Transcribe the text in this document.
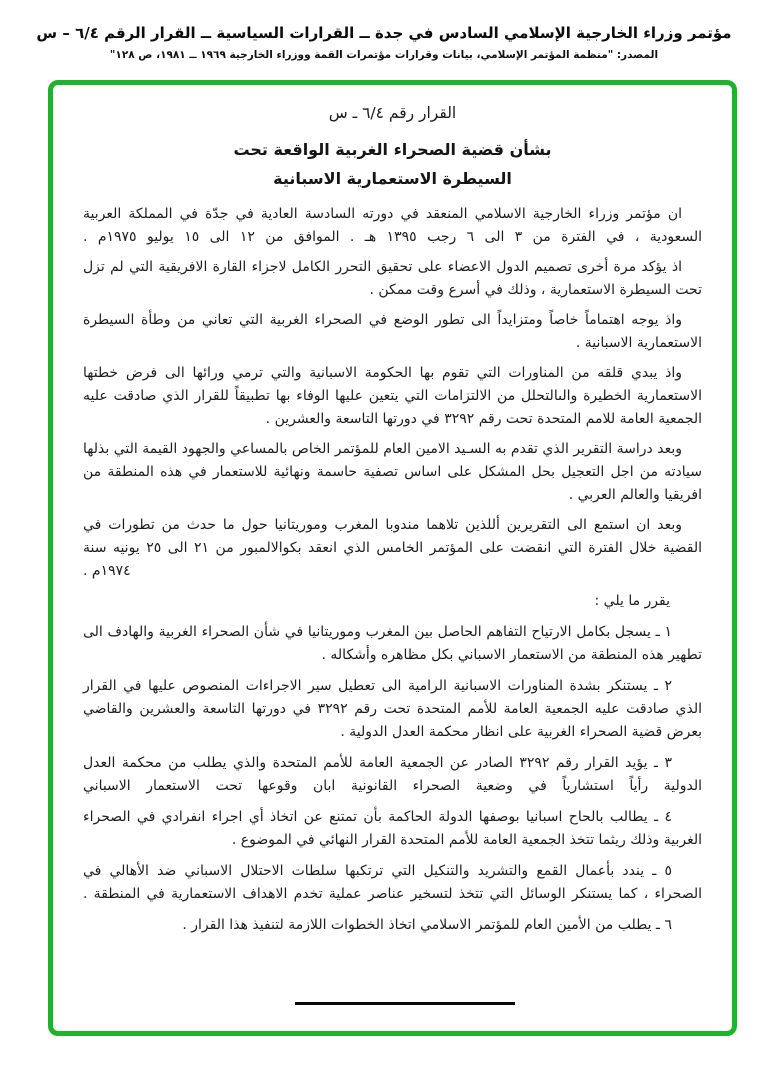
مؤتمر وزراء الخارجية الإسلامي السادس في جدة ــ القرارات السياسية ــ القرار الرقم ٦/٤ – س
المصدر: "منظمة المؤتمر الإسلامي، بيانات وقرارات مؤتمرات القمة ووزراء الخارجية ١٩٦٩ ــ ١٩٨١، ص ١٢٨"
القرار رقم ٦/٤ ـ س
بشأن قضية الصحراء الغربية الواقعة تحت
السيطرة الاستعمارية الاسبانية
ان مؤتمر وزراء الخارجية الاسلامي المنعقد في دورته السادسة العادية في جدّة في المملكة العربية السعودية ، في الفترة من ٣ الى ٦ رجب ١٣٩٥ هـ . الموافق من ١٢ الى ١٥ يوليو ١٩٧٥م .
اذ يؤكد مرة أخرى تصميم الدول الاعضاء على تحقيق التحرر الكامل لاجزاء القارة الافريقية التي لم تزل تحت السيطرة الاستعمارية ، وذلك في أسرع وقت ممكن .
واذ يوجه اهتماماً خاصاً ومتزايداً الى تطور الوضع في الصحراء الغربية التي تعاني من وطأة السيطرة الاستعمارية الاسبانية .
واذ يبدي قلقه من المناورات التي تقوم بها الحكومة الاسبانية والتي ترمي ورائها الى فرض خطتها الاستعمارية الخطيرة والىالتحلل من الالتزامات التي يتعين عليها الوفاء بها تطبيقاً للقرار الذي صادقت عليه الجمعية العامة للامم المتحدة تحت رقم ٣٢٩٢ في دورتها التاسعة والعشرين .
وبعد دراسة التقرير الذي تقدم به السـيد الامين العام للمؤتمر الخاص بالمساعي والجهود القيمة التي بذلها سيادته من اجل التعجيل بحل المشكل على اساس تصفية حاسمة ونهائية للاستعمار في هذه المنطقة من افريقيا والعالم العربي .
وبعد ان استمع الى التقريرين أللذين تلاهما مندوبا المغرب وموريتانيا حول ما حدث من تطورات في القضية خلال الفترة التي انقضت على المؤتمر الخامس الذي انعقد بكوالالمبور من ٢١ الى ٢٥ يونيه سنة
١٩٧٤م .
يقرر ما يلي :
١ ـ يسجل بكامل الارتياح التفاهم الحاصل بين المغرب وموريتانيا في شأن الصحراء الغربية والهادف الى تطهير هذه المنطقة من الاستعمار الاسباني بكل مظاهره وأشكاله .
٢ ـ يستنكر بشدة المناورات الاسبانية الرامية الى تعطيل سير الاجراءات المنصوص عليها في القرار الذي صادقت عليه الجمعية العامة للأمم المتحدة تحت رقم ٣٢٩٢ في دورتها التاسعة والعشرين والقاضي بعرض قضية الصحراء الغربية على انظار محكمة العدل الدولية .
٣ ـ يؤيد القرار رقم ٣٢٩٢ الصادر عن الجمعية العامة للأمم المتحدة والذي يطلب من محكمة العدل الدولية رأياً استشارياً في وضعية الصحراء القانونية ابان وقوعها تحت الاستعمار الاسباني
٤ ـ يطالب بالحاح اسبانيا بوصفها الدولة الحاكمة بأن تمتنع عن اتخاذ أي اجراء انفرادي في الصحراء الغربية وذلك ريثما تتخذ الجمعية العامة للأمم المتحدة القرار النهائي في الموضوع .
٥ ـ يندد بأعمال القمع والتشريد والتنكيل التي ترتكبها سلطات الاحتلال الاسباني ضد الأهالي في الصحراء ، كما يستنكر الوسائل التي تتخذ لتسخير عناصر عملية تخدم الاهداف الاستعمارية في المنطقة .
٦ ـ يطلب من الأمين العام للمؤتمر الاسلامي اتخاذ الخطوات اللازمة لتنفيذ هذا القرار .
